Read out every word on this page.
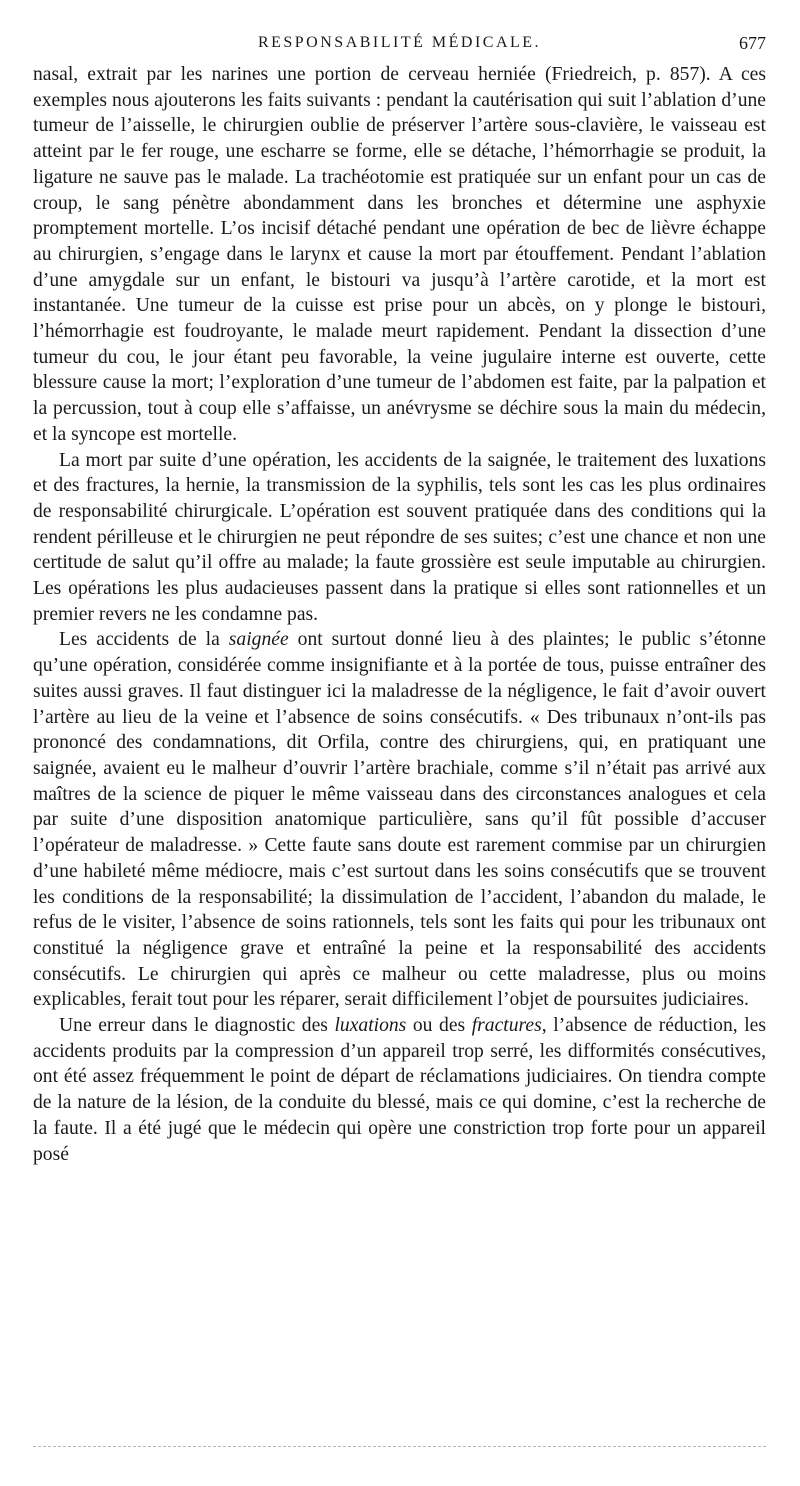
RESPONSABILITÉ MÉDICALE.	677

nasal, extrait par les narines une portion de cerveau herniée (Friedreich, p. 857). A ces exemples nous ajouterons les faits suivants : pendant la cautérisation qui suit l’ablation d’une tumeur de l’aisselle, le chirurgien oublie de préserver l’artère sous-clavière, le vaisseau est atteint par le fer rouge, une escharre se forme, elle se détache, l’hémorrhagie se produit, la ligature ne sauve pas le malade. La trachéotomie est pratiquée sur un enfant pour un cas de croup, le sang pénètre abondamment dans les bronches et détermine une asphyxie promptement mortelle. L’os incisif détaché pendant une opération de bec de lièvre échappe au chirurgien, s’engage dans le larynx et cause la mort par étouffement. Pendant l’ablation d’une amygdale sur un enfant, le bistouri va jusqu’à l’artère carotide, et la mort est instantanée. Une tumeur de la cuisse est prise pour un abcès, on y plonge le bistouri, l’hémorrhagie est foudroyante, le malade meurt rapidement. Pendant la dissection d’une tumeur du cou, le jour étant peu favorable, la veine jugulaire interne est ouverte, cette blessure cause la mort; l’exploration d’une tumeur de l’abdomen est faite, par la palpation et la percussion, tout à coup elle s’affaisse, un anévrysme se déchire sous la main du médecin, et la syncope est mortelle.

La mort par suite d’une opération, les accidents de la saignée, le traitement des luxations et des fractures, la hernie, la transmission de la syphilis, tels sont les cas les plus ordinaires de responsabilité chirurgicale. L’opération est souvent pratiquée dans des conditions qui la rendent périlleuse et le chirurgien ne peut répondre de ses suites; c’est une chance et non une certitude de salut qu’il offre au malade; la faute grossière est seule imputable au chirurgien. Les opérations les plus audacieuses passent dans la pratique si elles sont rationnelles et un premier revers ne les condamne pas.

Les accidents de la saignée ont surtout donné lieu à des plaintes; le public s’étonne qu’une opération, considérée comme insignifiante et à la portée de tous, puisse entraîner des suites aussi graves. Il faut distinguer ici la maladresse de la négligence, le fait d’avoir ouvert l’artère au lieu de la veine et l’absence de soins consécutifs. « Des tribunaux n’ont-ils pas prononcé des condamnations, dit Orfila, contre des chirurgiens, qui, en pratiquant une saignée, avaient eu le malheur d’ouvrir l’artère brachiale, comme s’il n’était pas arrivé aux maîtres de la science de piquer le même vaisseau dans des circonstances analogues et cela par suite d’une disposition anatomique particulière, sans qu’il fût possible d’accuser l’opérateur de maladresse. » Cette faute sans doute est rarement commise par un chirurgien d’une habileté même médiocre, mais c’est surtout dans les soins consécutifs que se trouvent les conditions de la responsabilité; la dissimulation de l’accident, l’abandon du malade, le refus de le visiter, l’absence de soins rationnels, tels sont les faits qui pour les tribunaux ont constitué la négligence grave et entraîné la peine et la responsabilité des accidents consécutifs. Le chirurgien qui après ce malheur ou cette maladresse, plus ou moins explicables, ferait tout pour les réparer, serait difficilement l’objet de poursuites judiciaires.

Une erreur dans le diagnostic des luxations ou des fractures, l’absence de réduction, les accidents produits par la compression d’un appareil trop serré, les difformités consécutives, ont été assez fréquemment le point de départ de réclamations judiciaires. On tiendra compte de la nature de la lésion, de la conduite du blessé, mais ce qui domine, c’est la recherche de la faute. Il a été jugé que le médecin qui opère une constriction trop forte pour un appareil posé
